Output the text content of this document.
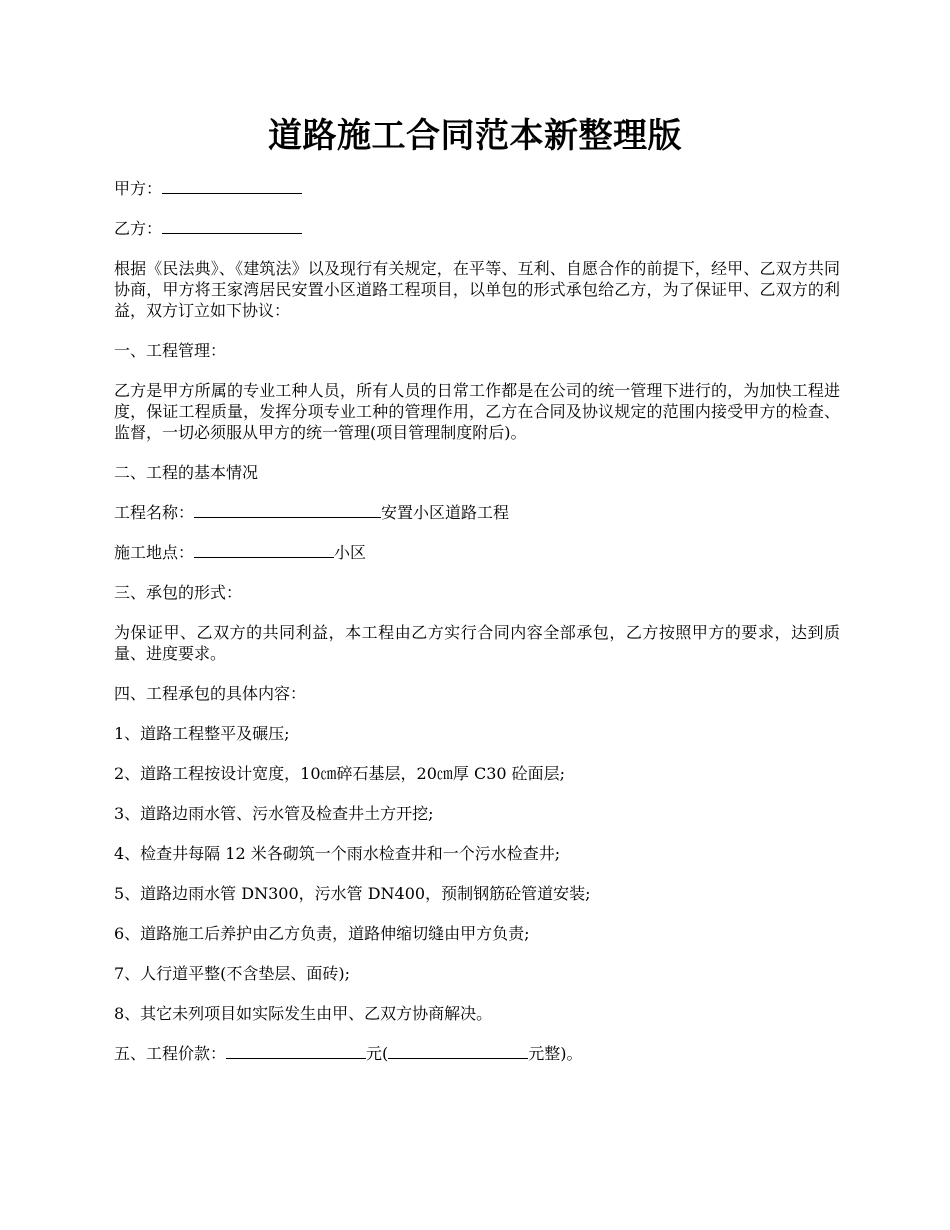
道路施工合同范本新整理版

甲方：

乙方：

根据《民法典》、《建筑法》以及现行有关规定，在平等、互利、自愿合作的前提下，经甲、乙双方共同协商，甲方将王家湾居民安置小区道路工程项目，以单包的形式承包给乙方，为了保证甲、乙双方的利益，双方订立如下协议：

一、工程管理：

乙方是甲方所属的专业工种人员，所有人员的日常工作都是在公司的统一管理下进行的，为加快工程进度，保证工程质量，发挥分项专业工种的管理作用，乙方在合同及协议规定的范围内接受甲方的检查、监督，一切必须服从甲方的统一管理(项目管理制度附后)。

二、工程的基本情况

工程名称：	安置小区道路工程

施工地点：	小区

三、承包的形式：

为保证甲、乙双方的共同利益，本工程由乙方实行合同内容全部承包，乙方按照甲方的要求，达到质量、进度要求。

四、工程承包的具体内容：

1、道路工程整平及碾压;

2、道路工程按设计宽度，10㎝碎石基层，20㎝厚 C30 砼面层;

3、道路边雨水管、污水管及检查井土方开挖;

4、检查井每隔 12 米各砌筑一个雨水检查井和一个污水检查井;

5、道路边雨水管 DN300，污水管 DN400，预制钢筋砼管道安装;

6、道路施工后养护由乙方负责，道路伸缩切缝由甲方负责;

7、人行道平整(不含垫层、面砖);

8、其它未列项目如实际发生由甲、乙双方协商解决。

五、工程价款：	元(	元整)。
